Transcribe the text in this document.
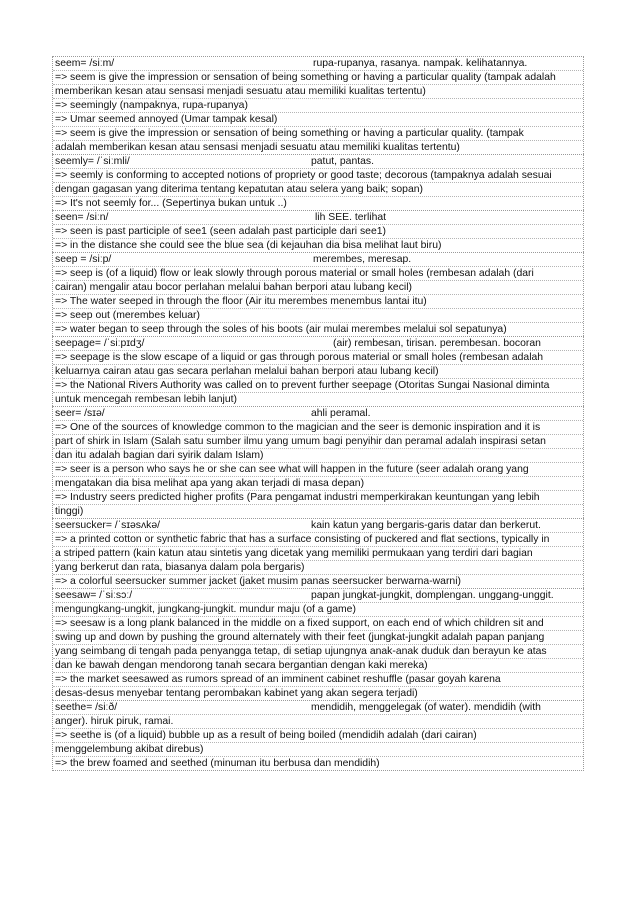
seem= /siːm/	rupa-rupanya, rasanya. nampak. kelihatannya.
=> seem is give the impression or sensation of being something or having a particular quality (tampak adalah
memberikan kesan atau sensasi menjadi sesuatu atau memiliki kualitas tertentu)
=> seemingly (nampaknya, rupa-rupanya)
=> Umar seemed annoyed (Umar tampak kesal)
=> seem is give the impression or sensation of being something or having a particular quality. (tampak
adalah memberikan kesan atau sensasi menjadi sesuatu atau memiliki kualitas tertentu)
seemly= /ˈsiːmli/	patut, pantas.
=> seemly is conforming to accepted notions of propriety or good taste; decorous (tampaknya adalah sesuai
dengan gagasan yang diterima tentang kepatutan atau selera yang baik; sopan)
=> It's not seemly for... (Sepertinya bukan untuk ..)
seen= /siːn/	lih SEE. terlihat
=> seen is past participle of see1 (seen adalah past participle dari see1)
=> in the distance she could see the blue sea (di kejauhan dia bisa melihat laut biru)
seep = /siːp/	merembes, meresap.
=> seep is (of a liquid) flow or leak slowly through porous material or small holes (rembesan adalah (dari
cairan) mengalir atau bocor perlahan melalui bahan berpori atau lubang kecil)
=> The water seeped in through the floor (Air itu merembes menembus lantai itu)
=> seep out (merembes keluar)
=> water began to seep through the soles of his boots (air mulai merembes melalui sol sepatunya)
seepage= /ˈsiːpɪdʒ/	(air) rembesan, tirisan. perembesan. bocoran
=> seepage is the slow escape of a liquid or gas through porous material or small holes (rembesan adalah
keluarnya cairan atau gas secara perlahan melalui bahan berpori atau lubang kecil)
=> the National Rivers Authority was called on to prevent further seepage (Otoritas Sungai Nasional diminta
untuk mencegah rembesan lebih lanjut)
seer= /sɪə/	ahli peramal.
=> One of the sources of knowledge common to the magician and the seer is demonic inspiration and it is
part of shirk in Islam (Salah satu sumber ilmu yang umum bagi penyihir dan peramal adalah inspirasi setan
dan itu adalah bagian dari syirik dalam Islam)
=> seer is a person who says he or she can see what will happen in the future (seer adalah orang yang
mengatakan dia bisa melihat apa yang akan terjadi di masa depan)
=> Industry seers predicted higher profits (Para pengamat industri memperkirakan keuntungan yang lebih
tinggi)
seersucker= /ˈsɪəsʌkə/	kain katun yang bergaris-garis datar dan berkerut.
=> a printed cotton or synthetic fabric that has a surface consisting of puckered and flat sections, typically in
a striped pattern (kain katun atau sintetis yang dicetak yang memiliki permukaan yang terdiri dari bagian
yang berkerut dan rata, biasanya dalam pola bergaris)
=> a colorful seersucker summer jacket (jaket musim panas seersucker berwarna-warni)
seesaw= /ˈsiːsɔː/	papan jungkat-jungkit, domplengan. unggang-unggit.
mengungkang-ungkit, jungkang-jungkit. mundur maju (of a game)
=> seesaw is a long plank balanced in the middle on a fixed support, on each end of which children sit and
swing up and down by pushing the ground alternately with their feet (jungkat-jungkit adalah papan panjang
yang seimbang di tengah pada penyangga tetap, di setiap ujungnya anak-anak duduk dan berayun ke atas
dan ke bawah dengan mendorong tanah secara bergantian dengan kaki mereka)
=> the market seesawed as rumors spread of an imminent cabinet reshuffle (pasar goyah karena
desas-desus menyebar tentang perombakan kabinet yang akan segera terjadi)
seethe= /siːð/	mendidih, menggelegak (of water). mendidih (with
anger). hiruk piruk, ramai.
=> seethe is (of a liquid) bubble up as a result of being boiled (mendidih adalah (dari cairan)
menggelembung akibat direbus)
=> the brew foamed and seethed (minuman itu berbusa dan mendidih)
